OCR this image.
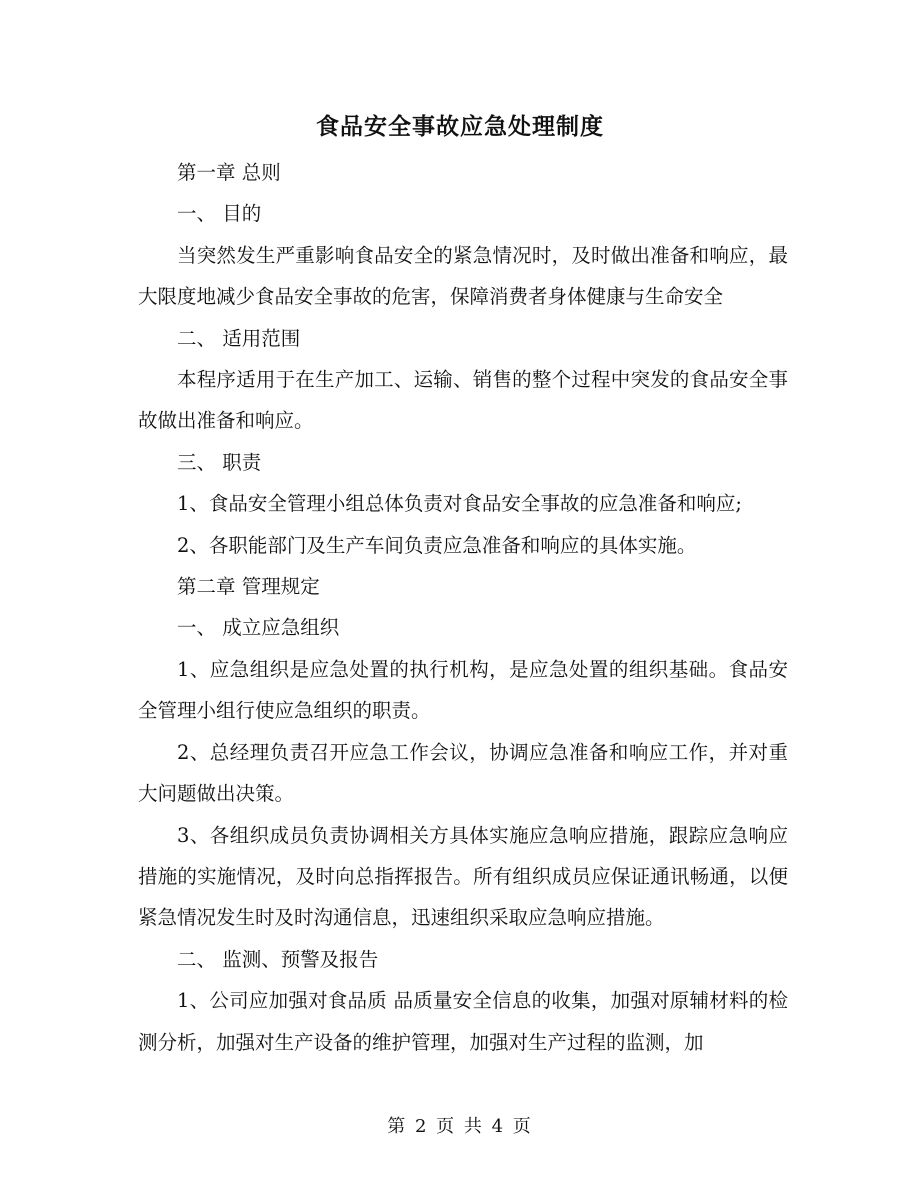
食品安全事故应急处理制度

第一章 总则

一、 目的

当突然发生严重影响食品安全的紧急情况时，及时做出准备和响应，最大限度地减少食品安全事故的危害，保障消费者身体健康与生命安全

二、 适用范围

本程序适用于在生产加工、运输、销售的整个过程中突发的食品安全事故做出准备和响应。

三、 职责

1、食品安全管理小组总体负责对食品安全事故的应急准备和响应;

2、各职能部门及生产车间负责应急准备和响应的具体实施。

第二章 管理规定

一、 成立应急组织

1、应急组织是应急处置的执行机构，是应急处置的组织基础。食品安全管理小组行使应急组织的职责。

2、总经理负责召开应急工作会议，协调应急准备和响应工作，并对重大问题做出决策。

3、各组织成员负责协调相关方具体实施应急响应措施，跟踪应急响应措施的实施情况，及时向总指挥报告。所有组织成员应保证通讯畅通，以便紧急情况发生时及时沟通信息，迅速组织采取应急响应措施。

二、 监测、预警及报告

1、公司应加强对食品质 品质量安全信息的收集，加强对原辅材料的检测分析，加强对生产设备的维护管理，加强对生产过程的监测，加

第 2 页 共 4 页
